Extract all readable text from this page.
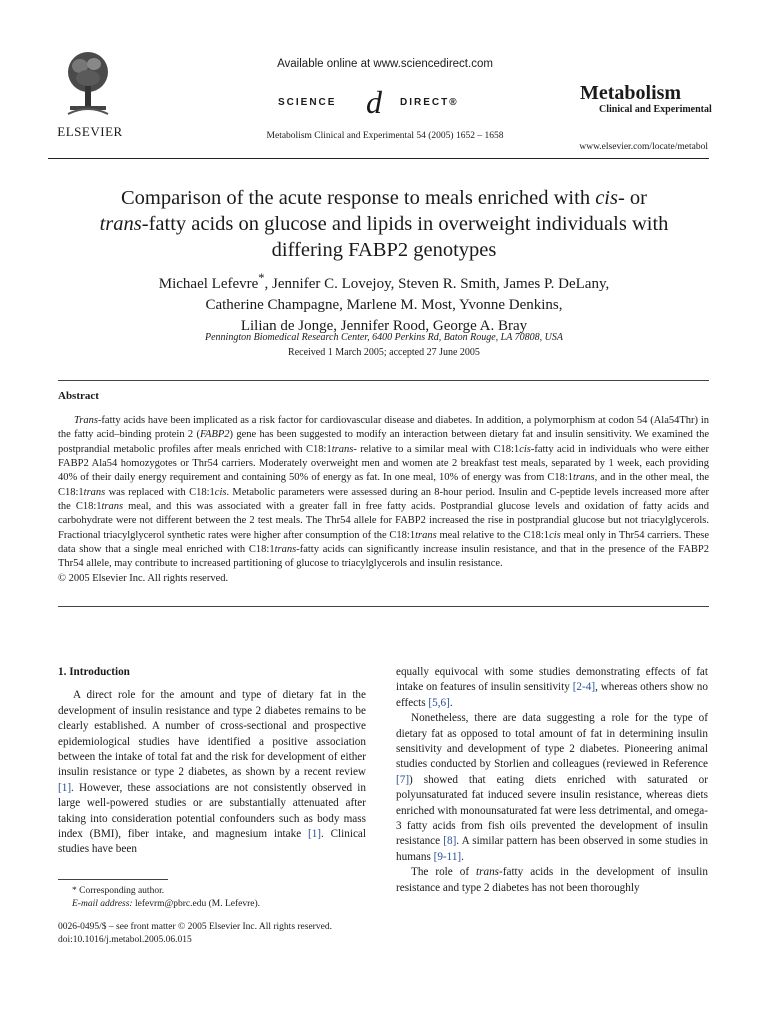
ELSEVIER
Available online at www.sciencedirect.com
SCIENCE d DIRECT®
Metabolism Clinical and Experimental 54 (2005) 1652 – 1658
Metabolism
Clinical and Experimental
www.elsevier.com/locate/metabol
Comparison of the acute response to meals enriched with cis- or
trans-fatty acids on glucose and lipids in overweight individuals with
differing FABP2 genotypes
Michael Lefevre*, Jennifer C. Lovejoy, Steven R. Smith, James P. DeLany,
Catherine Champagne, Marlene M. Most, Yvonne Denkins,
Lilian de Jonge, Jennifer Rood, George A. Bray
Pennington Biomedical Research Center, 6400 Perkins Rd, Baton Rouge, LA 70808, USA
Received 1 March 2005; accepted 27 June 2005
Abstract

Trans-fatty acids have been implicated as a risk factor for cardiovascular disease and diabetes. In addition, a polymorphism at codon 54 (Ala54Thr) in the fatty acid–binding protein 2 (FABP2) gene has been suggested to modify an interaction between dietary fat and insulin sensitivity. We examined the postprandial metabolic profiles after meals enriched with C18:1trans- relative to a similar meal with C18:1cis-fatty acid in individuals who were either FABP2 Ala54 homozygotes or Thr54 carriers. Moderately overweight men and women ate 2 breakfast test meals, separated by 1 week, each providing 40% of their daily energy requirement and containing 50% of energy as fat. In one meal, 10% of energy was from C18:1trans, and in the other meal, the C18:1trans was replaced with C18:1cis. Metabolic parameters were assessed during an 8-hour period. Insulin and C-peptide levels increased more after the C18:1trans meal, and this was associated with a greater fall in free fatty acids. Postprandial glucose levels and oxidation of fatty acids and carbohydrate were not different between the 2 test meals. The Thr54 allele for FABP2 increased the rise in postprandial glucose but not triacylglycerols. Fractional triacylglycerol synthetic rates were higher after consumption of the C18:1trans meal relative to the C18:1cis meal only in Thr54 carriers. These data show that a single meal enriched with C18:1trans-fatty acids can significantly increase insulin resistance, and that in the presence of the FABP2 Thr54 allele, may contribute to increased partitioning of glucose to triacylglycerols and insulin resistance.

© 2005 Elsevier Inc. All rights reserved.

1. Introduction

A direct role for the amount and type of dietary fat in the development of insulin resistance and type 2 diabetes remains to be clearly established. A number of cross-sectional and prospective epidemiological studies have identified a positive association between the intake of total fat and the risk for development of either insulin resistance or type 2 diabetes, as shown by a recent review [1]. However, these associations are not consistently observed in large well-powered studies or are substantially attenuated after taking into consideration potential confounders such as body mass index (BMI), fiber intake, and magnesium intake [1]. Clinical studies have been

* Corresponding author.
E-mail address: lefevrm@pbrc.edu (M. Lefevre).
0026-0495/$ – see front matter © 2005 Elsevier Inc. All rights reserved.
doi:10.1016/j.metabol.2005.06.015

equally equivocal with some studies demonstrating effects of fat intake on features of insulin sensitivity [2-4], whereas others show no effects [5,6].

Nonetheless, there are data suggesting a role for the type of dietary fat as opposed to total amount of fat in determining insulin sensitivity and development of type 2 diabetes. Pioneering animal studies conducted by Storlien and colleagues (reviewed in Reference [7]) showed that eating diets enriched with saturated or polyunsaturated fat induced severe insulin resistance, whereas diets enriched with monounsaturated fat were less detrimental, and omega-3 fatty acids from fish oils prevented the development of insulin resistance [8]. A similar pattern has been observed in some studies in humans [9-11].

The role of trans-fatty acids in the development of insulin resistance and type 2 diabetes has not been thoroughly
